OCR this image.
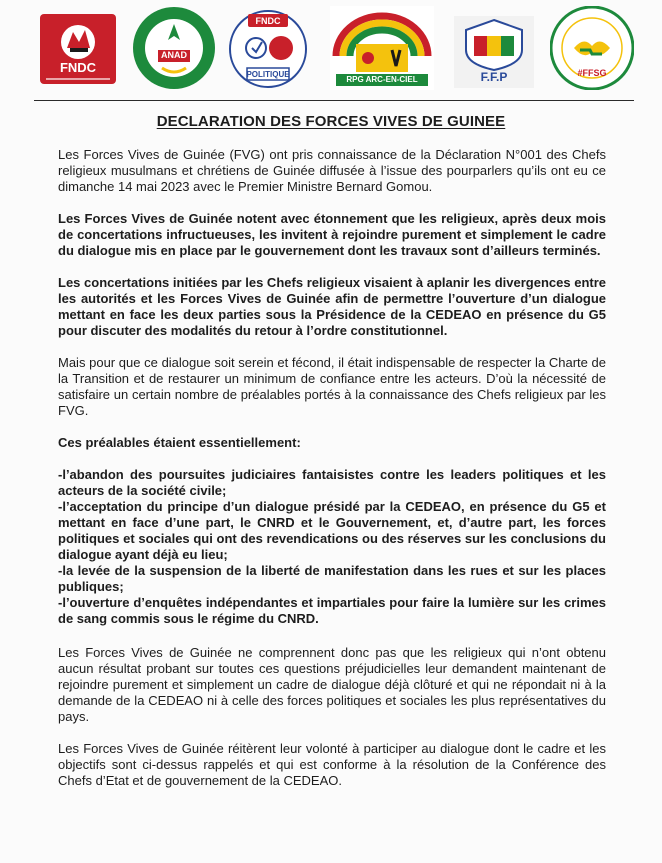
FNDC
ANAD
FNDC
POLITIQUE
RPG ARC-EN-CIEL	F.F.P	#FFSG
DECLARATION DES FORCES VIVES DE GUINEE

Les Forces Vives de Guinée (FVG) ont pris connaissance de la Déclaration N°001 des Chefs religieux musulmans et chrétiens de Guinée diffusée à l’issue des pourparlers qu’ils ont eu ce dimanche 14 mai 2023 avec le Premier Ministre Bernard Gomou.

Les Forces Vives de Guinée notent avec étonnement que les religieux, après deux mois de concertations infructueuses, les invitent à rejoindre purement et simplement le cadre du dialogue mis en place par le gouvernement dont les travaux sont d’ailleurs terminés.

Les concertations initiées par les Chefs religieux visaient à aplanir les divergences entre les autorités et les Forces Vives de Guinée afin de permettre l’ouverture d’un dialogue mettant en face les deux parties sous la Présidence de la CEDEAO en présence du G5 pour discuter des modalités du retour à l’ordre constitutionnel.

Mais pour que ce dialogue soit serein et fécond, il était indispensable de respecter la Charte de la Transition et de restaurer un minimum de confiance entre les acteurs. D’où la nécessité de satisfaire un certain nombre de préalables portés à la connaissance des Chefs religieux par les FVG.

Ces préalables étaient essentiellement:

-l’abandon des poursuites judiciaires fantaisistes contre les leaders politiques et les acteurs de la société civile;

-l’acceptation du principe d’un dialogue présidé par la CEDEAO, en présence du G5 et mettant en face d’une part, le CNRD et le Gouvernement, et, d’autre part, les forces politiques et sociales qui ont des revendications ou des réserves sur les conclusions du dialogue ayant déjà eu lieu;

-la levée de la suspension de la liberté de manifestation dans les rues et sur les places publiques;

-l’ouverture d’enquêtes indépendantes et impartiales pour faire la lumière sur les crimes de sang commis sous le régime du CNRD.

Les Forces Vives de Guinée ne comprennent donc pas que les religieux qui n’ont obtenu aucun résultat probant sur toutes ces questions préjudicielles leur demandent maintenant de rejoindre purement et simplement un cadre de dialogue déjà clôturé et qui ne répondait ni à la demande de la CEDEAO ni à celle des forces politiques et sociales les plus représentatives du pays.

Les Forces Vives de Guinée réitèrent leur volonté à participer au dialogue dont le cadre et les objectifs sont ci-dessus rappelés et qui est conforme à la résolution de la Conférence des Chefs d’Etat et de gouvernement de la CEDEAO.
